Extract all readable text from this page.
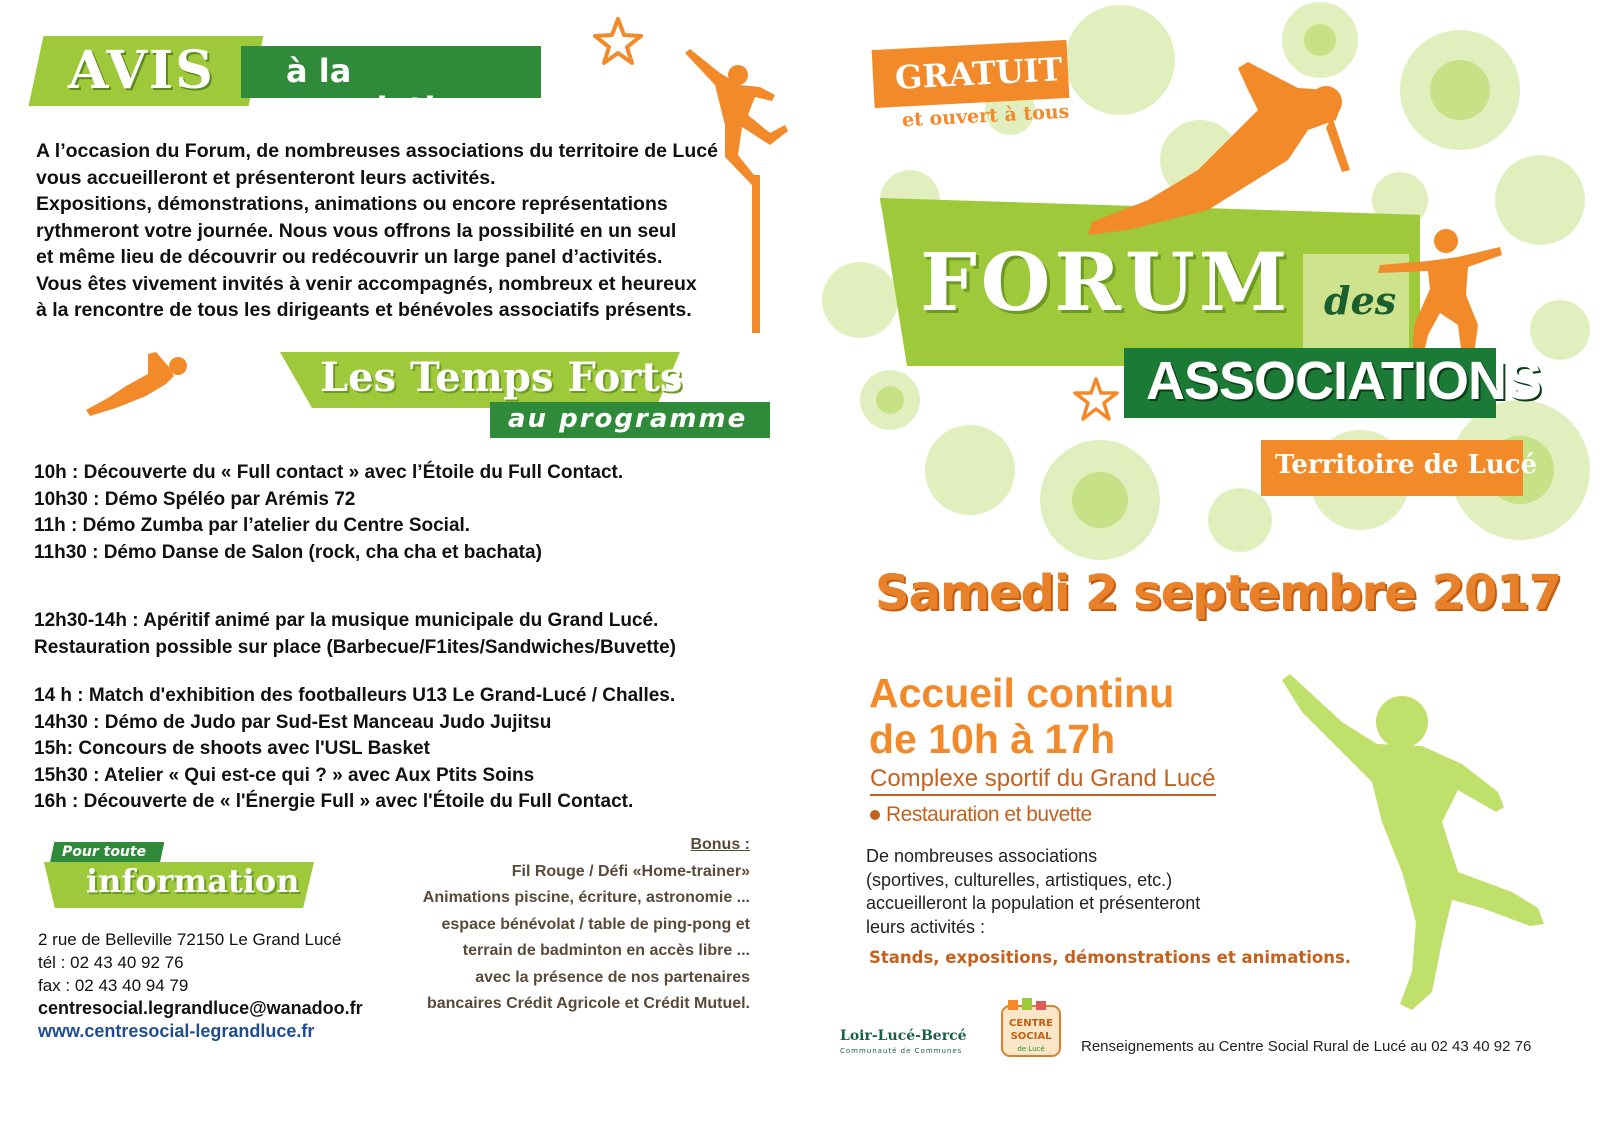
AVIS à la population

A l’occasion du Forum, de nombreuses associations du territoire de Lucé

vous accueilleront et présenteront leurs activités.

Expositions, démonstrations, animations ou encore représentations

rythmeront votre journée. Nous vous offrons la possibilité en un seul

et même lieu de découvrir ou redécouvrir un large panel d’activités.

Vous êtes vivement invités à venir accompagnés, nombreux et heureux

à la rencontre de tous les dirigeants et bénévoles associatifs présents.

Les Temps Forts
au programme

10h : Découverte du « Full contact » avec l’Étoile du Full Contact.

10h30 : Démo Spéléo par Arémis 72

11h : Démo Zumba par l’atelier du Centre Social.

11h30 : Démo Danse de Salon (rock, cha cha et bachata)

12h30-14h : Apéritif animé par la musique municipale du Grand Lucé.

Restauration possible sur place (Barbecue/F1ites/Sandwiches/Buvette)

14 h : Match d'exhibition des footballeurs U13 Le Grand-Lucé / Challes.

14h30 : Démo de Judo par Sud-Est Manceau Judo Jujitsu

15h: Concours de shoots avec l'USL Basket

15h30 : Atelier « Qui est-ce qui ? » avec Aux Ptits Soins

16h : Découverte de « l'Énergie Full » avec l'Étoile du Full Contact.

Pour toute
information
2 rue de Belleville 72150 Le Grand Lucé
tél : 02 43 40 92 76
fax : 02 43 40 94 79
centresocial.legrandluce@wanadoo.fr
www.centresocial-legrandluce.fr

Bonus :

Fil Rouge / Défi «Home-trainer»

Animations piscine, écriture, astronomie ...

espace bénévolat / table de ping-pong et

terrain de badminton en accès libre ...

avec la présence de nos partenaires

bancaires Crédit Agricole et Crédit Mutuel.

GRATUIT
et ouvert à tous
FORUM des
ASSOCIATIONS
Territoire de Lucé
Samedi 2 septembre 2017
Accueil continu
de 10h à 17h
Complexe sportif du Grand Lucé
Restauration et buvette
De nombreuses associations
(sportives, culturelles, artistiques, etc.)
accueilleront la population et présenteront
leurs activités :
Stands, expositions, démonstrations et animations.
Loir-Lucé-Bercé
Communauté de Communes
CENTRE
SOCIAL
de Lucé Renseignements au Centre Social Rural de Lucé au 02 43 40 92 76
